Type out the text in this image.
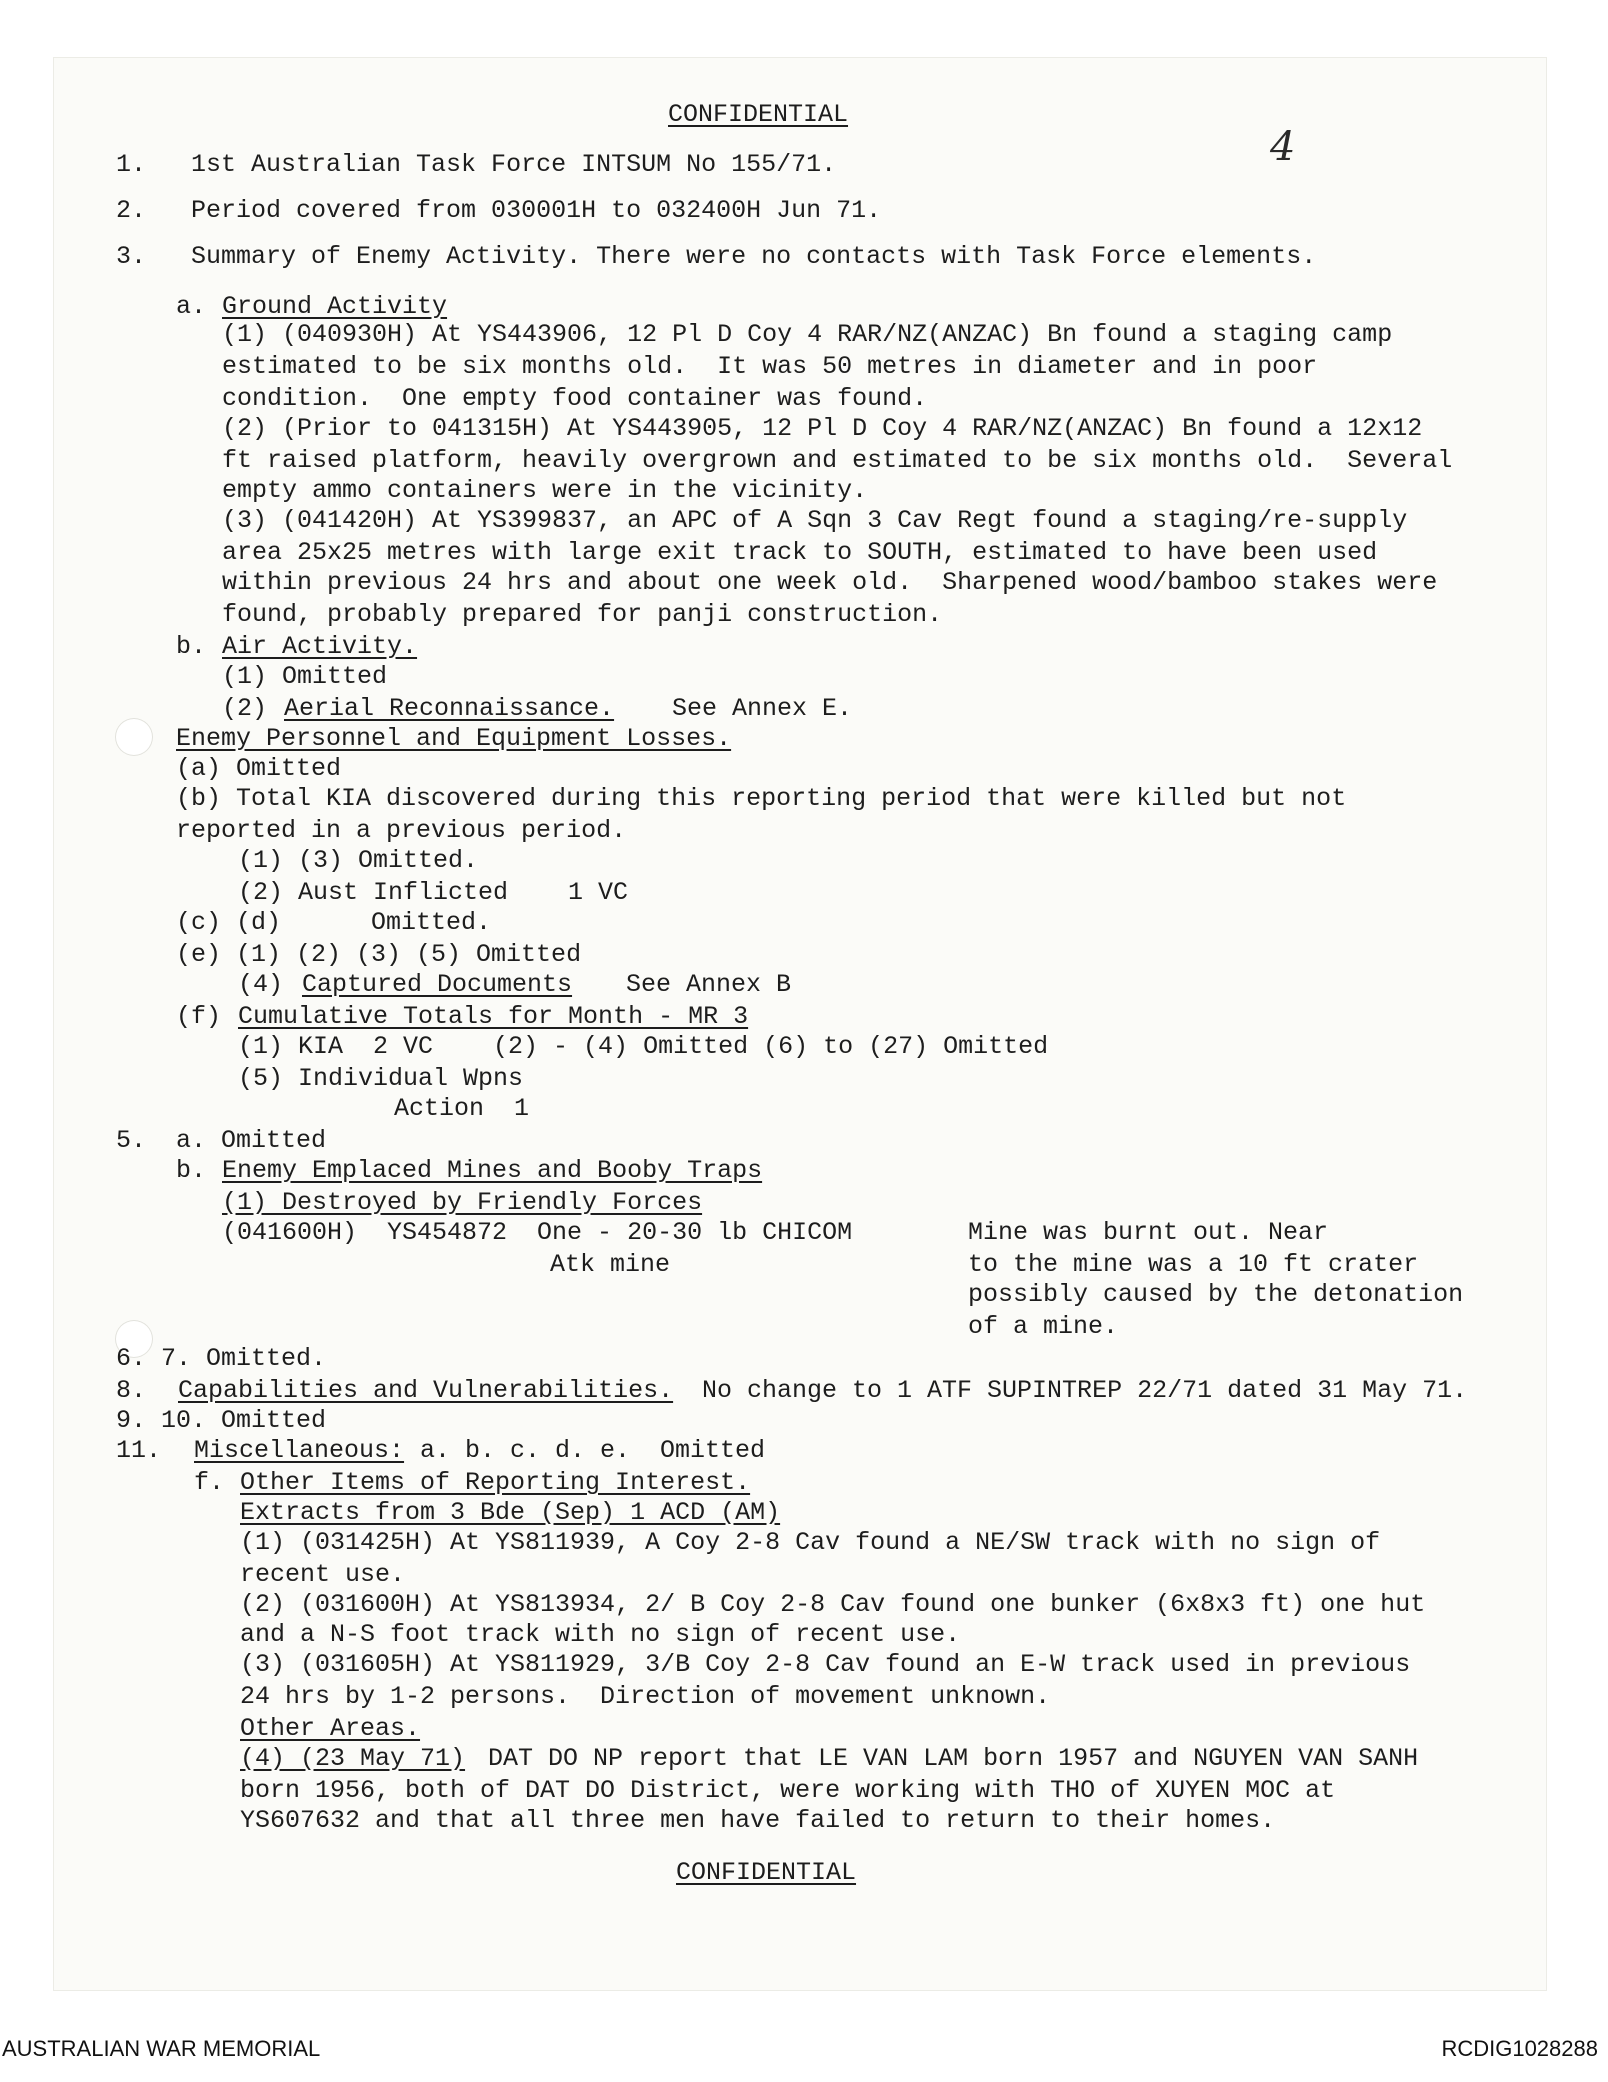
4
CONFIDENTIAL
1.   1st Australian Task Force INTSUM No 155/71.
2.   Period covered from 030001H to 032400H Jun 71.
3.   Summary of Enemy Activity. There were no contacts with Task Force elements.
a. Ground Activity
(1) (040930H) At YS443906, 12 Pl D Coy 4 RAR/NZ(ANZAC) Bn found a staging camp
estimated to be six months old.  It was 50 metres in diameter and in poor
condition.  One empty food container was found.
(2) (Prior to 041315H) At YS443905, 12 Pl D Coy 4 RAR/NZ(ANZAC) Bn found a 12x12
ft raised platform, heavily overgrown and estimated to be six months old.  Several
empty ammo containers were in the vicinity.
(3) (041420H) At YS399837, an APC of A Sqn 3 Cav Regt found a staging/re-supply
area 25x25 metres with large exit track to SOUTH, estimated to have been used
within previous 24 hrs and about one week old.  Sharpened wood/bamboo stakes were
found, probably prepared for panji construction.
b. Air Activity.
(1) Omitted
(2) Aerial Reconnaissance. See Annex E.
Enemy Personnel and Equipment Losses.
(a) Omitted
(b) Total KIA discovered during this reporting period that were killed but not
reported in a previous period.
(1) (3) Omitted.
(2) Aust Inflicted    1 VC
(c) (d)      Omitted.
(e) (1) (2) (3) (5) Omitted
(4) Captured Documents See Annex B
(f) Cumulative Totals for Month - MR 3
(1) KIA  2 VC    (2) - (4) Omitted (6) to (27) Omitted
(5) Individual Wpns
Action  1
5.  a. Omitted
b. Enemy Emplaced Mines and Booby Traps
(1) Destroyed by Friendly Forces
(041600H)  YS454872  One - 20-30 lb CHICOM
Atk mine
Mine was burnt out. Near
to the mine was a 10 ft crater
possibly caused by the detonation
of a mine.
6. 7. Omitted.
8. Capabilities and Vulnerabilities. No change to 1 ATF SUPINTREP 22/71 dated 31 May 71.
9. 10. Omitted
11. Miscellaneous: a. b. c. d. e.  Omitted
f. Other Items of Reporting Interest.
Extracts from 3 Bde (Sep) 1 ACD (AM)
(1) (031425H) At YS811939, A Coy 2-8 Cav found a NE/SW track with no sign of
recent use.
(2) (031600H) At YS813934, 2/ B Coy 2-8 Cav found one bunker (6x8x3 ft) one hut
and a N-S foot track with no sign of recent use.
(3) (031605H) At YS811929, 3/B Coy 2-8 Cav found an E-W track used in previous
24 hrs by 1-2 persons.  Direction of movement unknown.
Other Areas.
(4) (23 May 71) DAT DO NP report that LE VAN LAM born 1957 and NGUYEN VAN SANH
born 1956, both of DAT DO District, were working with THO of XUYEN MOC at
YS607632 and that all three men have failed to return to their homes.
CONFIDENTIAL
AUSTRALIAN WAR MEMORIAL	RCDIG1028288
